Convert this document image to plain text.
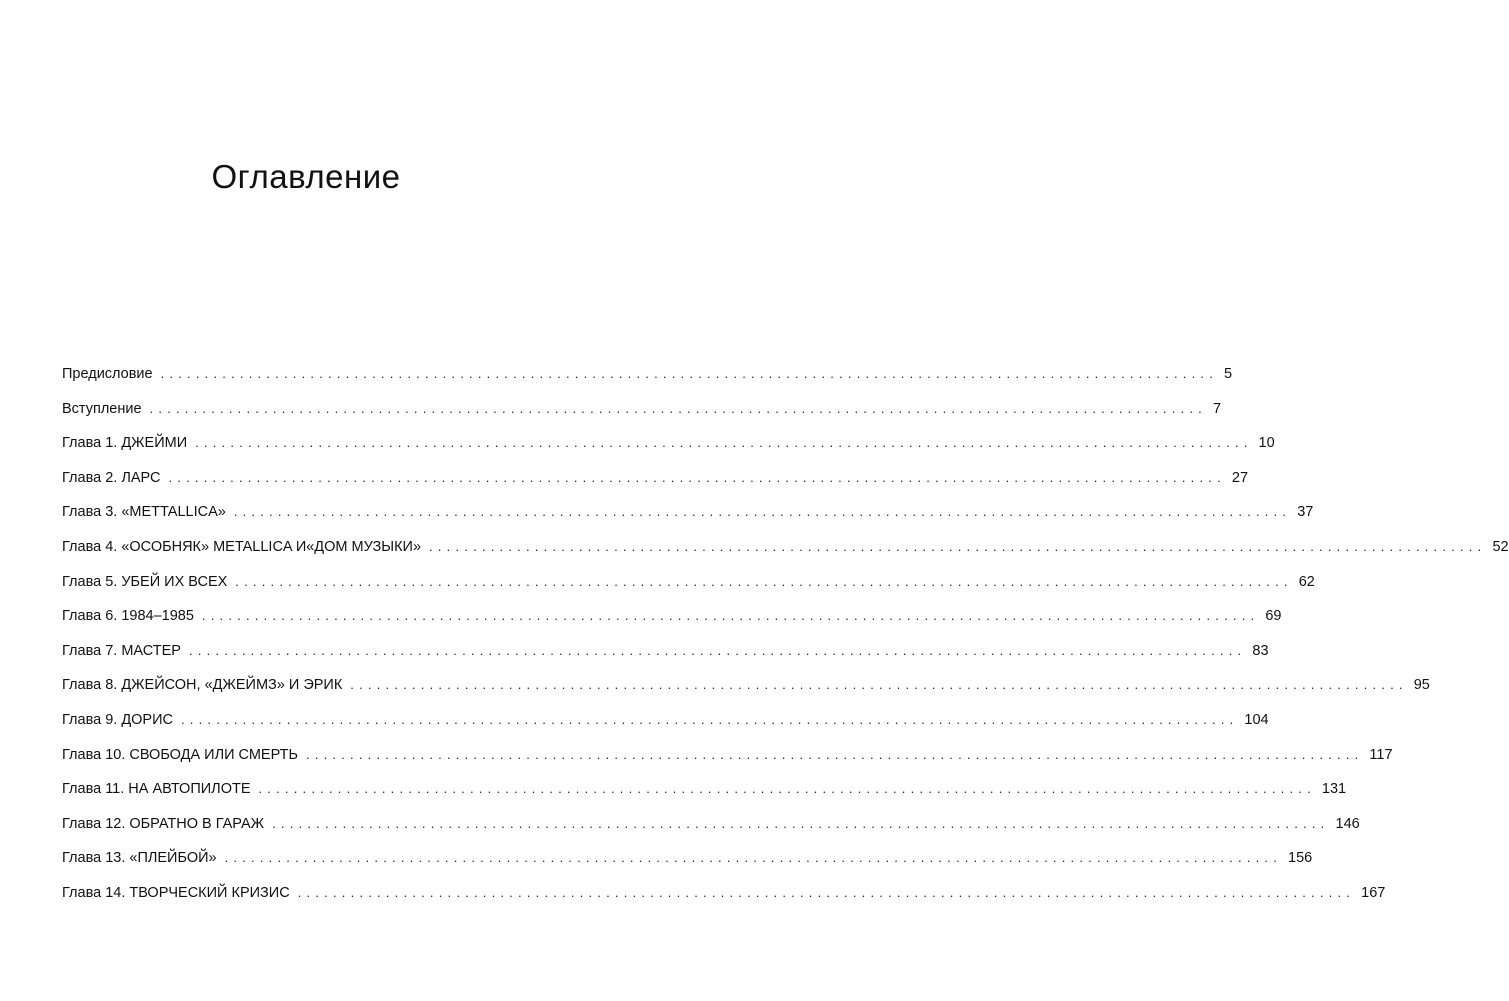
Оглавление
Предисловие ........................................................................................................................ 5
Вступление ........................................................................................................................ 7
Глава 1. ДЖЕЙМИ ........................................................................................................................ 10
Глава 2. ЛАРС ........................................................................................................................ 27
Глава 3. «METTALLICA» ........................................................................................................................ 37
Глава 4. «ОСОБНЯК» METALLICA И«ДОМ МУЗЫКИ» ........................................................................................................................ 52
Глава 5. УБЕЙ ИХ ВСЕХ ........................................................................................................................ 62
Глава 6. 1984–1985 ........................................................................................................................ 69
Глава 7. МАСТЕР ........................................................................................................................ 83
Глава 8. ДЖЕЙСОН, «ДЖЕЙМЗ» И ЭРИК ........................................................................................................................ 95
Глава 9. ДОРИС ........................................................................................................................ 104
Глава 10. СВОБОДА ИЛИ СМЕРТЬ ........................................................................................................................ 117
Глава 11. НА АВТОПИЛОТЕ ........................................................................................................................ 131
Глава 12. ОБРАТНО В ГАРАЖ ........................................................................................................................ 146
Глава 13. «ПЛЕЙБОЙ» ........................................................................................................................ 156
Глава 14. ТВОРЧЕСКИЙ КРИЗИС ........................................................................................................................ 167
